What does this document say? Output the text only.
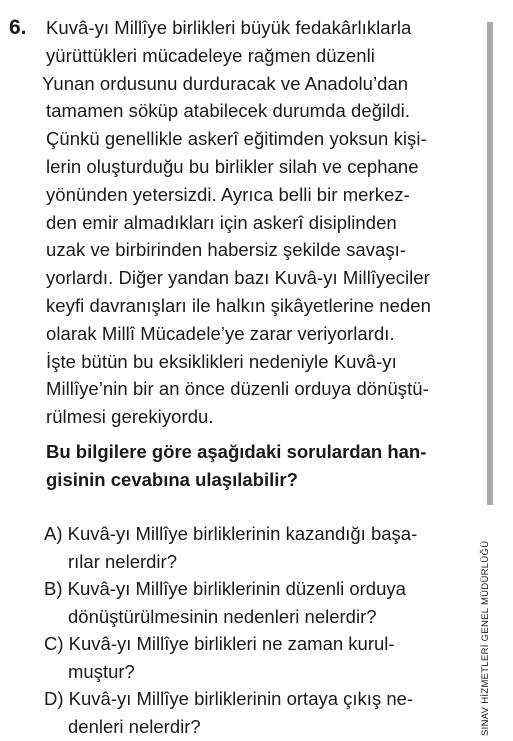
6. Kuvâ-yı Millîye birlikleri büyük fedakârlıklarla
yürüttükleri mücadeleye rağmen düzenli
Yunan ordusunu durduracak ve Anadolu’dan
tamamen söküp atabilecek durumda değildi.
Çünkü genellikle askerî eğitimden yoksun kişi-
lerin oluşturduğu bu birlikler silah ve cephane
yönünden yetersizdi. Ayrıca belli bir merkez-
den emir almadıkları için askerî disiplinden
uzak ve birbirinden habersiz şekilde savaşı-
yorlardı. Diğer yandan bazı Kuvâ-yı Millîyeciler
keyfi davranışları ile halkın şikâyetlerine neden
olarak Millî Mücadele’ye zarar veriyorlardı.
İşte bütün bu eksiklikleri nedeniyle Kuvâ-yı
Millîye’nin bir an önce düzenli orduya dönüştü-
rülmesi gerekiyordu.
Bu bilgilere göre aşağıdaki sorulardan han-
gisinin cevabına ulaşılabilir?
A) Kuvâ-yı Millîye birliklerinin kazandığı başa-
rılar nelerdir?
B) Kuvâ-yı Millîye birliklerinin düzenli orduya
dönüştürülmesinin nedenleri nelerdir?
C) Kuvâ-yı Millîye birlikleri ne zaman kurul-
muştur?
D) Kuvâ-yı Millîye birliklerinin ortaya çıkış ne-
denleri nelerdir?	SINAV HİZMETLERİ GENEL MÜDÜRLÜĞÜ
